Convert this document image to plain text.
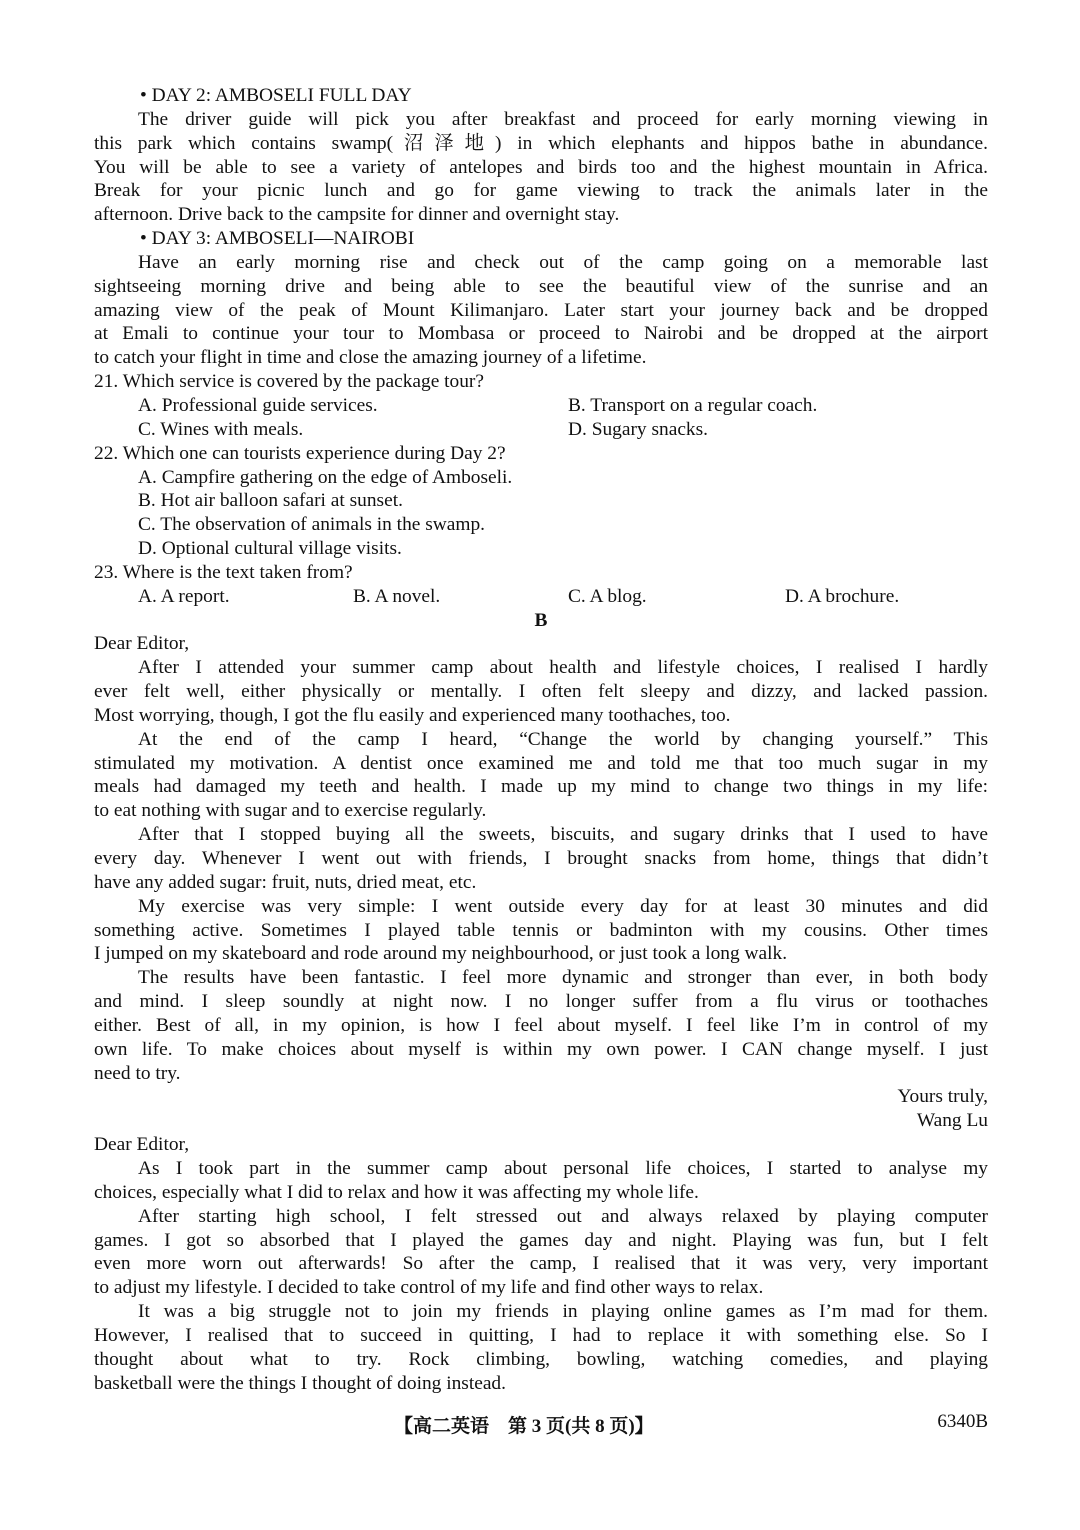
• DAY 2: AMBOSELI FULL DAY
The driver guide will pick you after breakfast and proceed for early morning viewing in
this park which contains swamp(沼泽地) in which elephants and hippos bathe in abundance.
You will be able to see a variety of antelopes and birds too and the highest mountain in Africa.
Break for your picnic lunch and go for game viewing to track the animals later in the
afternoon. Drive back to the campsite for dinner and overnight stay.
• DAY 3: AMBOSELI—NAIROBI
Have an early morning rise and check out of the camp going on a memorable last
sightseeing morning drive and being able to see the beautiful view of the sunrise and an
amazing view of the peak of Mount Kilimanjaro. Later start your journey back and be dropped
at Emali to continue your tour to Mombasa or proceed to Nairobi and be dropped at the airport
to catch your flight in time and close the amazing journey of a lifetime.
21. Which service is covered by the package tour?
A. Professional guide services.	B. Transport on a regular coach.
C. Wines with meals.	D. Sugary snacks.
22. Which one can tourists experience during Day 2?
A. Campfire gathering on the edge of Amboseli.
B. Hot air balloon safari at sunset.
C. The observation of animals in the swamp.
D. Optional cultural village visits.
23. Where is the text taken from?
A. A report.	B. A novel.	C. A blog.	D. A brochure.
B
Dear Editor,
After I attended your summer camp about health and lifestyle choices, I realised I hardly
ever felt well, either physically or mentally. I often felt sleepy and dizzy, and lacked passion.
Most worrying, though, I got the flu easily and experienced many toothaches, too.
At the end of the camp I heard, “Change the world by changing yourself.” This
stimulated my motivation. A dentist once examined me and told me that too much sugar in my
meals had damaged my teeth and health. I made up my mind to change two things in my life:
to eat nothing with sugar and to exercise regularly.
After that I stopped buying all the sweets, biscuits, and sugary drinks that I used to have
every day. Whenever I went out with friends, I brought snacks from home, things that didn’t
have any added sugar: fruit, nuts, dried meat, etc.
My exercise was very simple: I went outside every day for at least 30 minutes and did
something active. Sometimes I played table tennis or badminton with my cousins. Other times
I jumped on my skateboard and rode around my neighbourhood, or just took a long walk.
The results have been fantastic. I feel more dynamic and stronger than ever, in both body
and mind. I sleep soundly at night now. I no longer suffer from a flu virus or toothaches
either. Best of all, in my opinion, is how I feel about myself. I feel like I’m in control of my
own life. To make choices about myself is within my own power. I CAN change myself. I just
need to try.
Yours truly,
Wang Lu
Dear Editor,
As I took part in the summer camp about personal life choices, I started to analyse my
choices, especially what I did to relax and how it was affecting my whole life.
After starting high school, I felt stressed out and always relaxed by playing computer
games. I got so absorbed that I played the games day and night. Playing was fun, but I felt
even more worn out afterwards! So after the camp, I realised that it was very, very important
to adjust my lifestyle. I decided to take control of my life and find other ways to relax.
It was a big struggle not to join my friends in playing online games as I’m mad for them.
However, I realised that to succeed in quitting, I had to replace it with something else. So I
thought about what to try. Rock climbing, bowling, watching comedies, and playing
basketball were the things I thought of doing instead.
【高二英语　第 3 页(共 8 页)】	6340B
